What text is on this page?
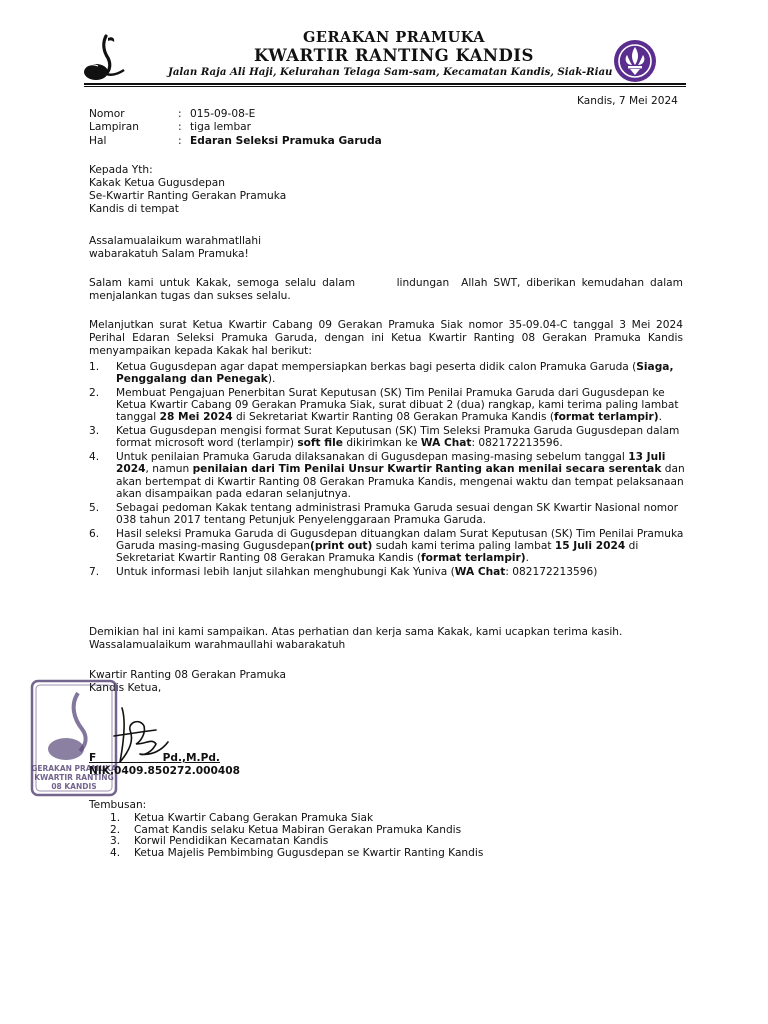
GERAKAN PRAMUKA
KWARTIR RANTING KANDIS
Jalan Raja Ali Haji, Kelurahan Telaga Sam-sam, Kecamatan Kandis, Siak-Riau
Kandis, 7 Mei 2024
Nomor	: 015-09-08-E
Lampiran	: tiga lembar
Hal	: Edaran Seleksi Pramuka Garuda
Kepada Yth:
Kakak Ketua Gugusdepan
Se-Kwartir Ranting Gerakan Pramuka
Kandis di tempat
Assalamualaikum warahmatllahi
wabarakatuh Salam Pramuka!
Salam kami untuk Kakak, semoga selalu dalam       lindungan  Allah SWT, diberikan kemudahan dalam menjalankan tugas dan sukses selalu.
Melanjutkan surat Ketua Kwartir Cabang 09 Gerakan Pramuka Siak nomor 35-09.04-C tanggal 3 Mei 2024 Perihal Edaran Seleksi Pramuka Garuda, dengan ini Ketua Kwartir Ranting 08 Gerakan Pramuka Kandis menyampaikan kepada Kakak hal berikut:
1. Ketua Gugusdepan agar dapat mempersiapkan berkas bagi peserta didik calon Pramuka Garuda (Siaga, Penggalang dan Penegak).
2. Membuat Pengajuan Penerbitan Surat Keputusan (SK) Tim Penilai Pramuka Garuda dari Gugusdepan ke Ketua Kwartir Cabang 09 Gerakan Pramuka Siak, surat dibuat 2 (dua) rangkap, kami terima paling lambat tanggal 28 Mei 2024 di Sekretariat Kwartir Ranting 08 Gerakan Pramuka Kandis (format terlampir).
3. Ketua Gugusdepan mengisi format Surat Keputusan (SK) Tim Seleksi Pramuka Garuda Gugusdepan dalam format microsoft word (terlampir) soft file dikirimkan ke WA Chat: 082172213596.
4. Untuk penilaian Pramuka Garuda dilaksanakan di Gugusdepan masing-masing sebelum tanggal 13 Juli 2024, namun penilaian dari Tim Penilai Unsur Kwartir Ranting akan menilai secara serentak dan akan bertempat di Kwartir Ranting 08 Gerakan Pramuka Kandis, mengenai waktu dan tempat pelaksanaan akan disampaikan pada edaran selanjutnya.
5. Sebagai pedoman Kakak tentang administrasi Pramuka Garuda sesuai dengan SK Kwartir Nasional nomor 038 tahun 2017 tentang Petunjuk Penyelenggaraan Pramuka Garuda.
6. Hasil seleksi Pramuka Garuda di Gugusdepan dituangkan dalam Surat Keputusan (SK) Tim Penilai Pramuka Garuda masing-masing Gugusdepan(print out) sudah kami terima paling lambat 15 Juli 2024 di Sekretariat Kwartir Ranting 08 Gerakan Pramuka Kandis (format terlampir).
7. Untuk informasi lebih lanjut silahkan menghubungi Kak Yuniva (WA Chat: 082172213596)
Demikian hal ini kami sampaikan. Atas perhatian dan kerja sama Kakak, kami ucapkan terima kasih.
Wassalamualaikum warahmaullahi wabarakatuh
Kwartir Ranting 08 Gerakan Pramuka
Kandis Ketua,
GERAKAN PRAMUKA
KWARTIR RANTING
08 KANDIS
F                  Pd.,M.Pd.
NIK.0409.850272.000408
Tembusan:
1. Ketua Kwartir Cabang Gerakan Pramuka Siak
2. Camat Kandis selaku Ketua Mabiran Gerakan Pramuka Kandis
3. Korwil Pendidikan Kecamatan Kandis
4. Ketua Majelis Pembimbing Gugusdepan se Kwartir Ranting Kandis
